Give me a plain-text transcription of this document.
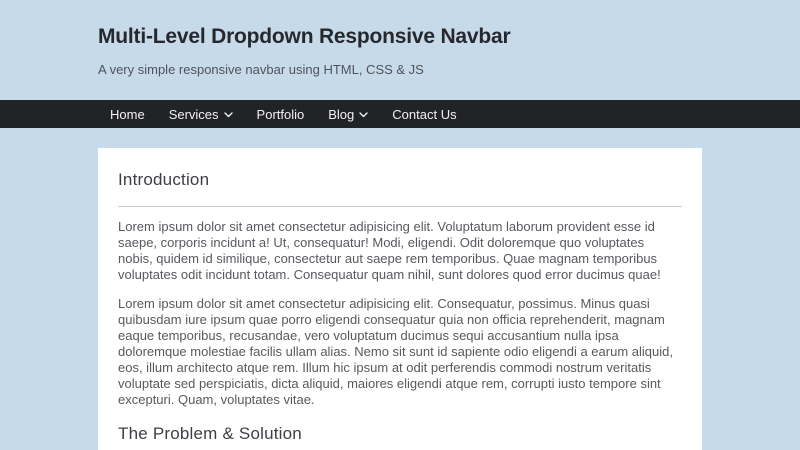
Multi-Level Dropdown Responsive Navbar

A very simple responsive navbar using HTML, CSS & JS

Home Services	Portfolio Blog	Contact Us
Introduction

Lorem ipsum dolor sit amet consectetur adipisicing elit. Voluptatum laborum provident esse id saepe, corporis incidunt a! Ut, consequatur! Modi, eligendi. Odit doloremque quo voluptates nobis, quidem id similique, consectetur aut saepe rem temporibus. Quae magnam temporibus voluptates odit incidunt totam. Consequatur quam nihil, sunt dolores quod error ducimus quae!

Lorem ipsum dolor sit amet consectetur adipisicing elit. Consequatur, possimus. Minus quasi quibusdam iure ipsum quae porro eligendi consequatur quia non officia reprehenderit, magnam eaque temporibus, recusandae, vero voluptatum ducimus sequi accusantium nulla ipsa doloremque molestiae facilis ullam alias. Nemo sit sunt id sapiente odio eligendi a earum aliquid, eos, illum architecto atque rem. Illum hic ipsum at odit perferendis commodi nostrum veritatis voluptate sed perspiciatis, dicta aliquid, maiores eligendi atque rem, corrupti iusto tempore sint excepturi. Quam, voluptates vitae.

The Problem & Solution
